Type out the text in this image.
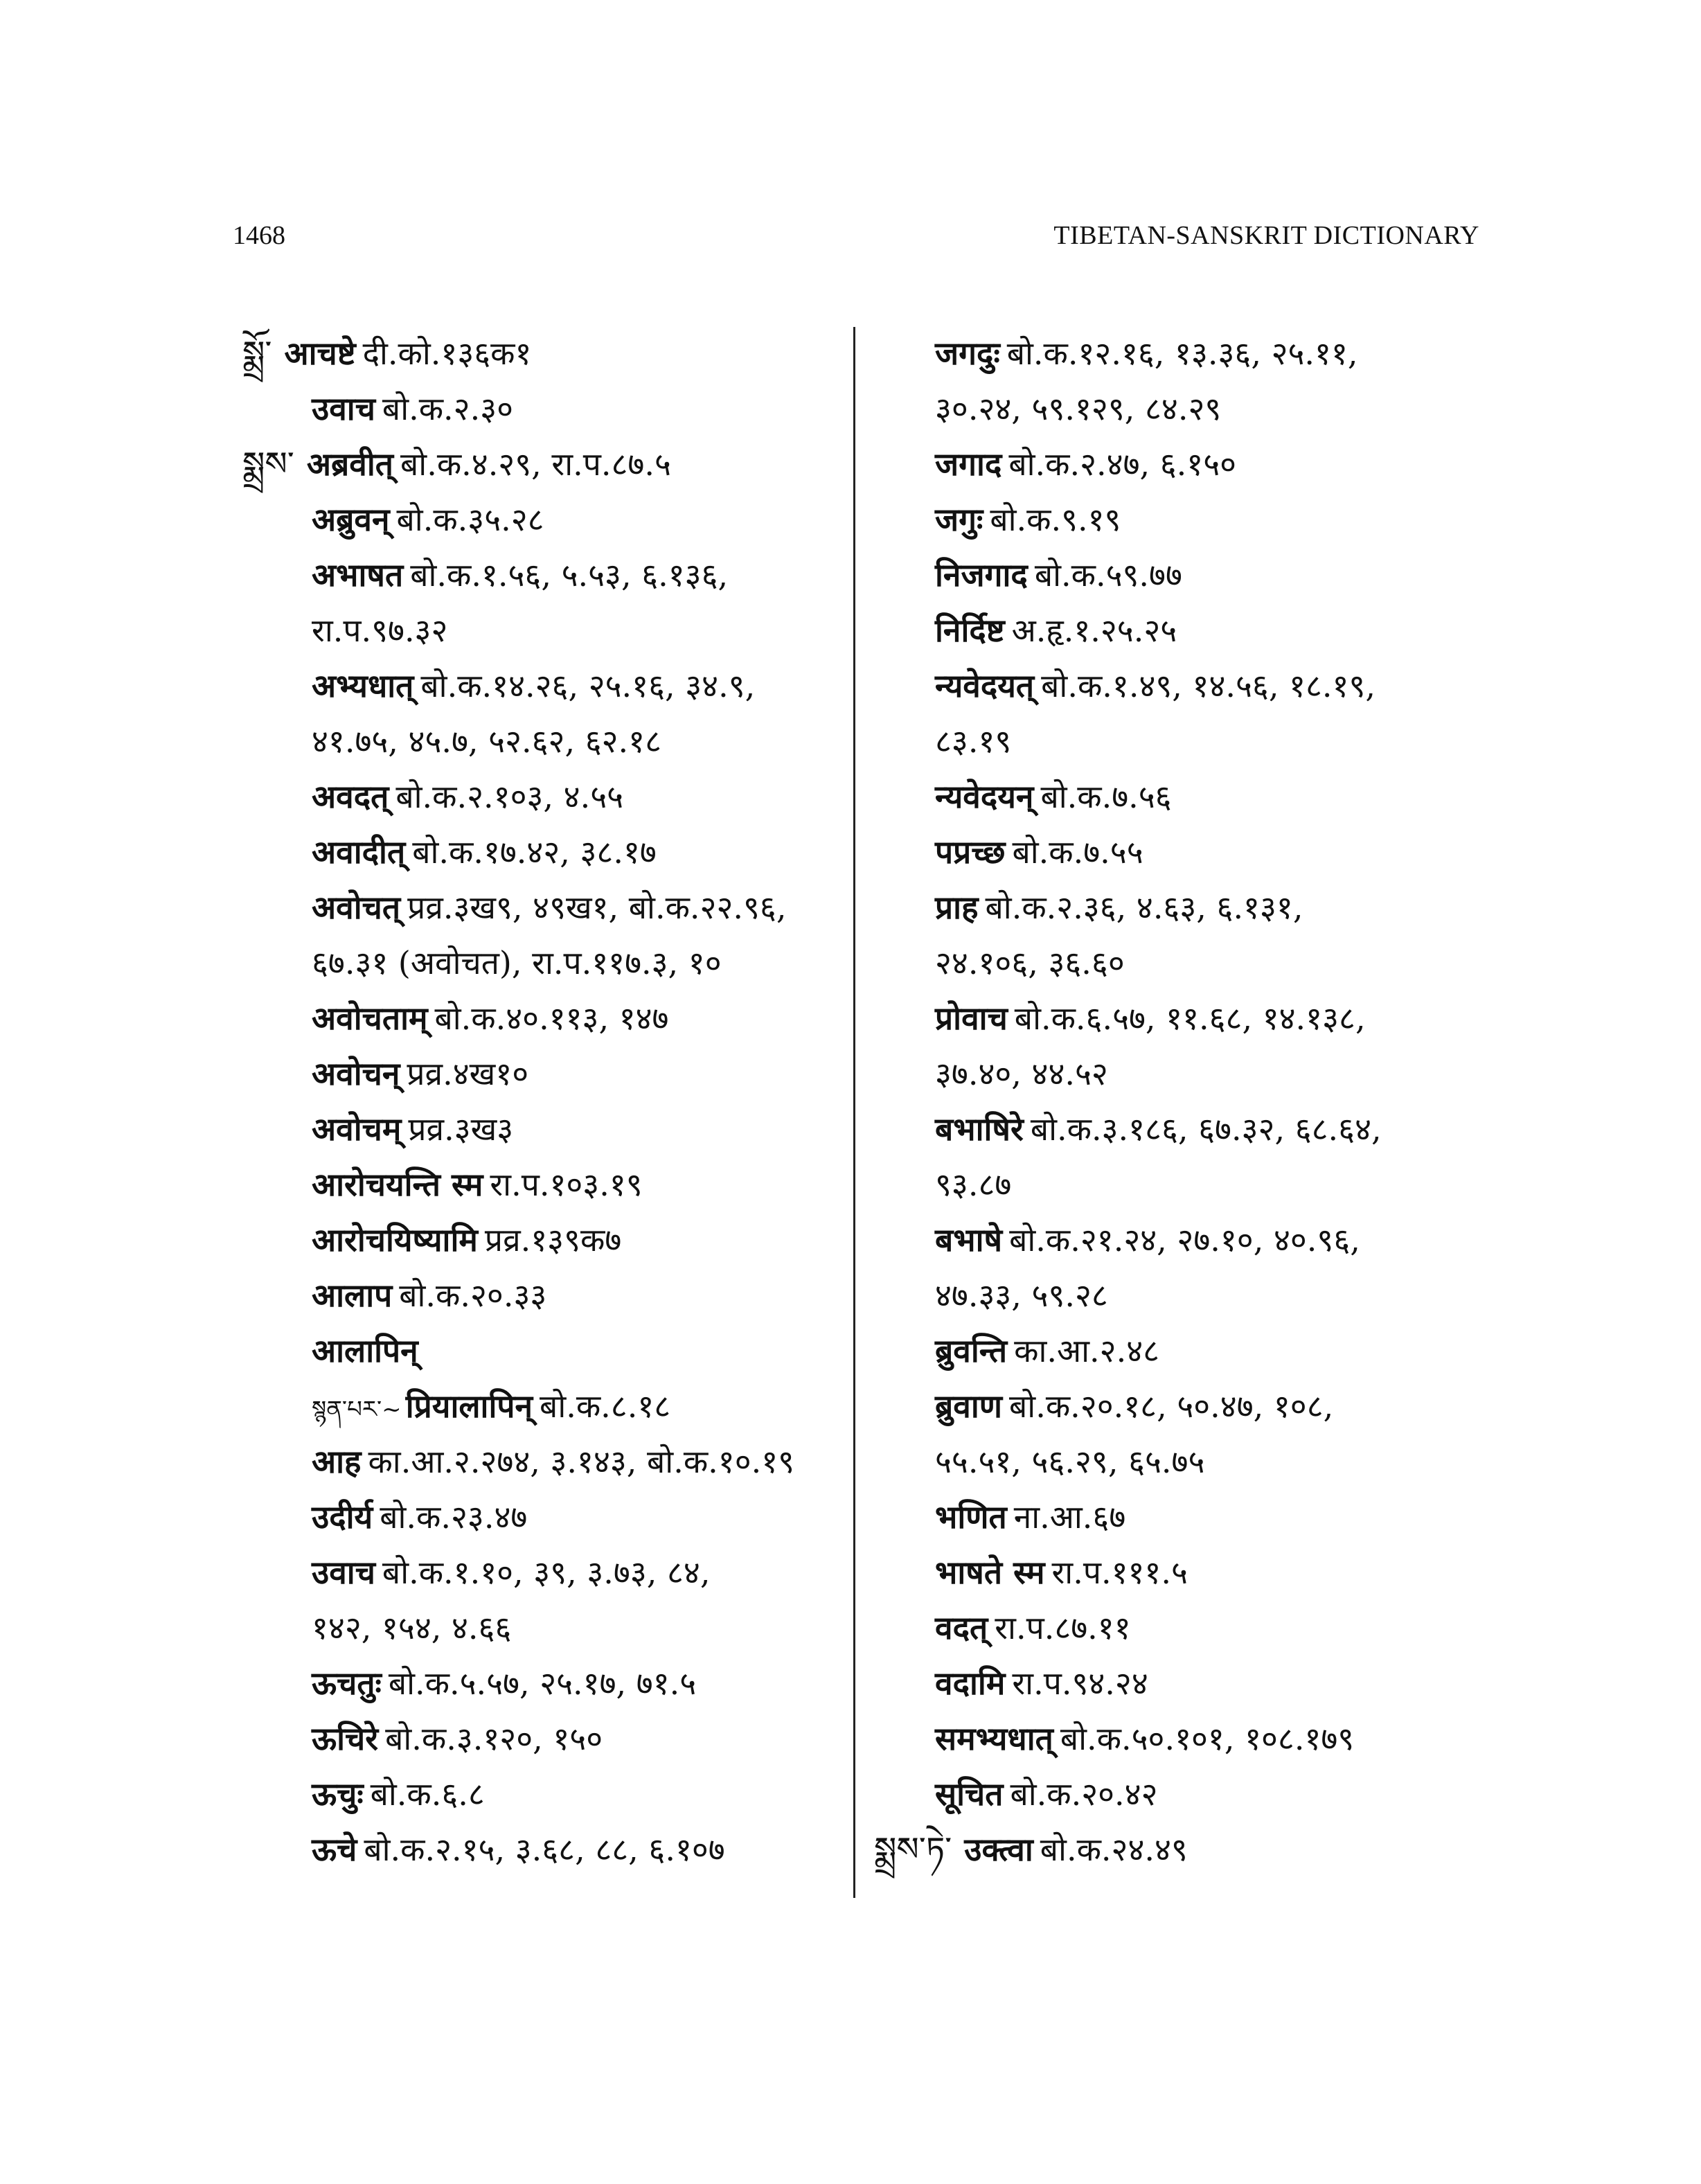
1468	TIBETAN-SANSKRIT DICTIONARY
སྨྲོ་ आचष्टे दी.को.१३६क१
उवाच बो.क.२.३०
སྨྲས་ अब्रवीत् बो.क.४.२९, रा.प.८७.५
अब्रुवन् बो.क.३५.२८
अभाषत बो.क.१.५६, ५.५३, ६.१३६,
रा.प.९७.३२
अभ्यधात् बो.क.१४.२६, २५.१६, ३४.९,
४१.७५, ४५.७, ५२.६२, ६२.१८
अवदत् बो.क.२.१०३, ४.५५
अवादीत् बो.क.१७.४२, ३८.१७
अवोचत् प्रव्र.३ख९, ४९ख१, बो.क.२२.९६,
६७.३१ (अवोचत), रा.प.११७.३, १०
अवोचताम् बो.क.४०.११३, १४७
अवोचन् प्रव्र.४ख१०
अवोचम् प्रव्र.३ख३
आरोचयन्ति स्म रा.प.१०३.१९
आरोचयिष्यामि प्रव्र.१३९क७
आलाप बो.क.२०.३३
आलापिन्
སྙན་པར་~ प्रियालापिन् बो.क.८.१८
आह का.आ.२.२७४, ३.१४३, बो.क.१०.१९
उदीर्य बो.क.२३.४७
उवाच बो.क.१.१०, ३९, ३.७३, ८४,
१४२, १५४, ४.६६
ऊचतुः बो.क.५.५७, २५.१७, ७१.५
ऊचिरे बो.क.३.१२०, १५०
ऊचुः बो.क.६.८
ऊचे बो.क.२.१५, ३.६८, ८८, ६.१०७
जगदुः बो.क.१२.१६, १३.३६, २५.११,
३०.२४, ५९.१२९, ८४.२९
जगाद बो.क.२.४७, ६.१५०
जगुः बो.क.९.१९
निजगाद बो.क.५९.७७
निर्दिष्ट अ.हृ.१.२५.२५
न्यवेदयत् बो.क.१.४९, १४.५६, १८.१९,
८३.१९
न्यवेदयन् बो.क.७.५६
पप्रच्छ बो.क.७.५५
प्राह बो.क.२.३६, ४.६३, ६.१३१,
२४.१०६, ३६.६०
प्रोवाच बो.क.६.५७, ११.६८, १४.१३८,
३७.४०, ४४.५२
बभाषिरे बो.क.३.१८६, ६७.३२, ६८.६४,
९३.८७
बभाषे बो.क.२१.२४, २७.१०, ४०.९६,
४७.३३, ५९.२८
ब्रुवन्ति का.आ.२.४८
ब्रुवाण बो.क.२०.१८, ५०.४७, १०८,
५५.५१, ५६.२९, ६५.७५
भणित ना.आ.६७
भाषते स्म रा.प.१११.५
वदत् रा.प.८७.११
वदामि रा.प.९४.२४
समभ्यधात् बो.क.५०.१०१, १०८.१७९
सूचित बो.क.२०.४२
སྨྲས་ཏེ་ उक्त्वा बो.क.२४.४९
